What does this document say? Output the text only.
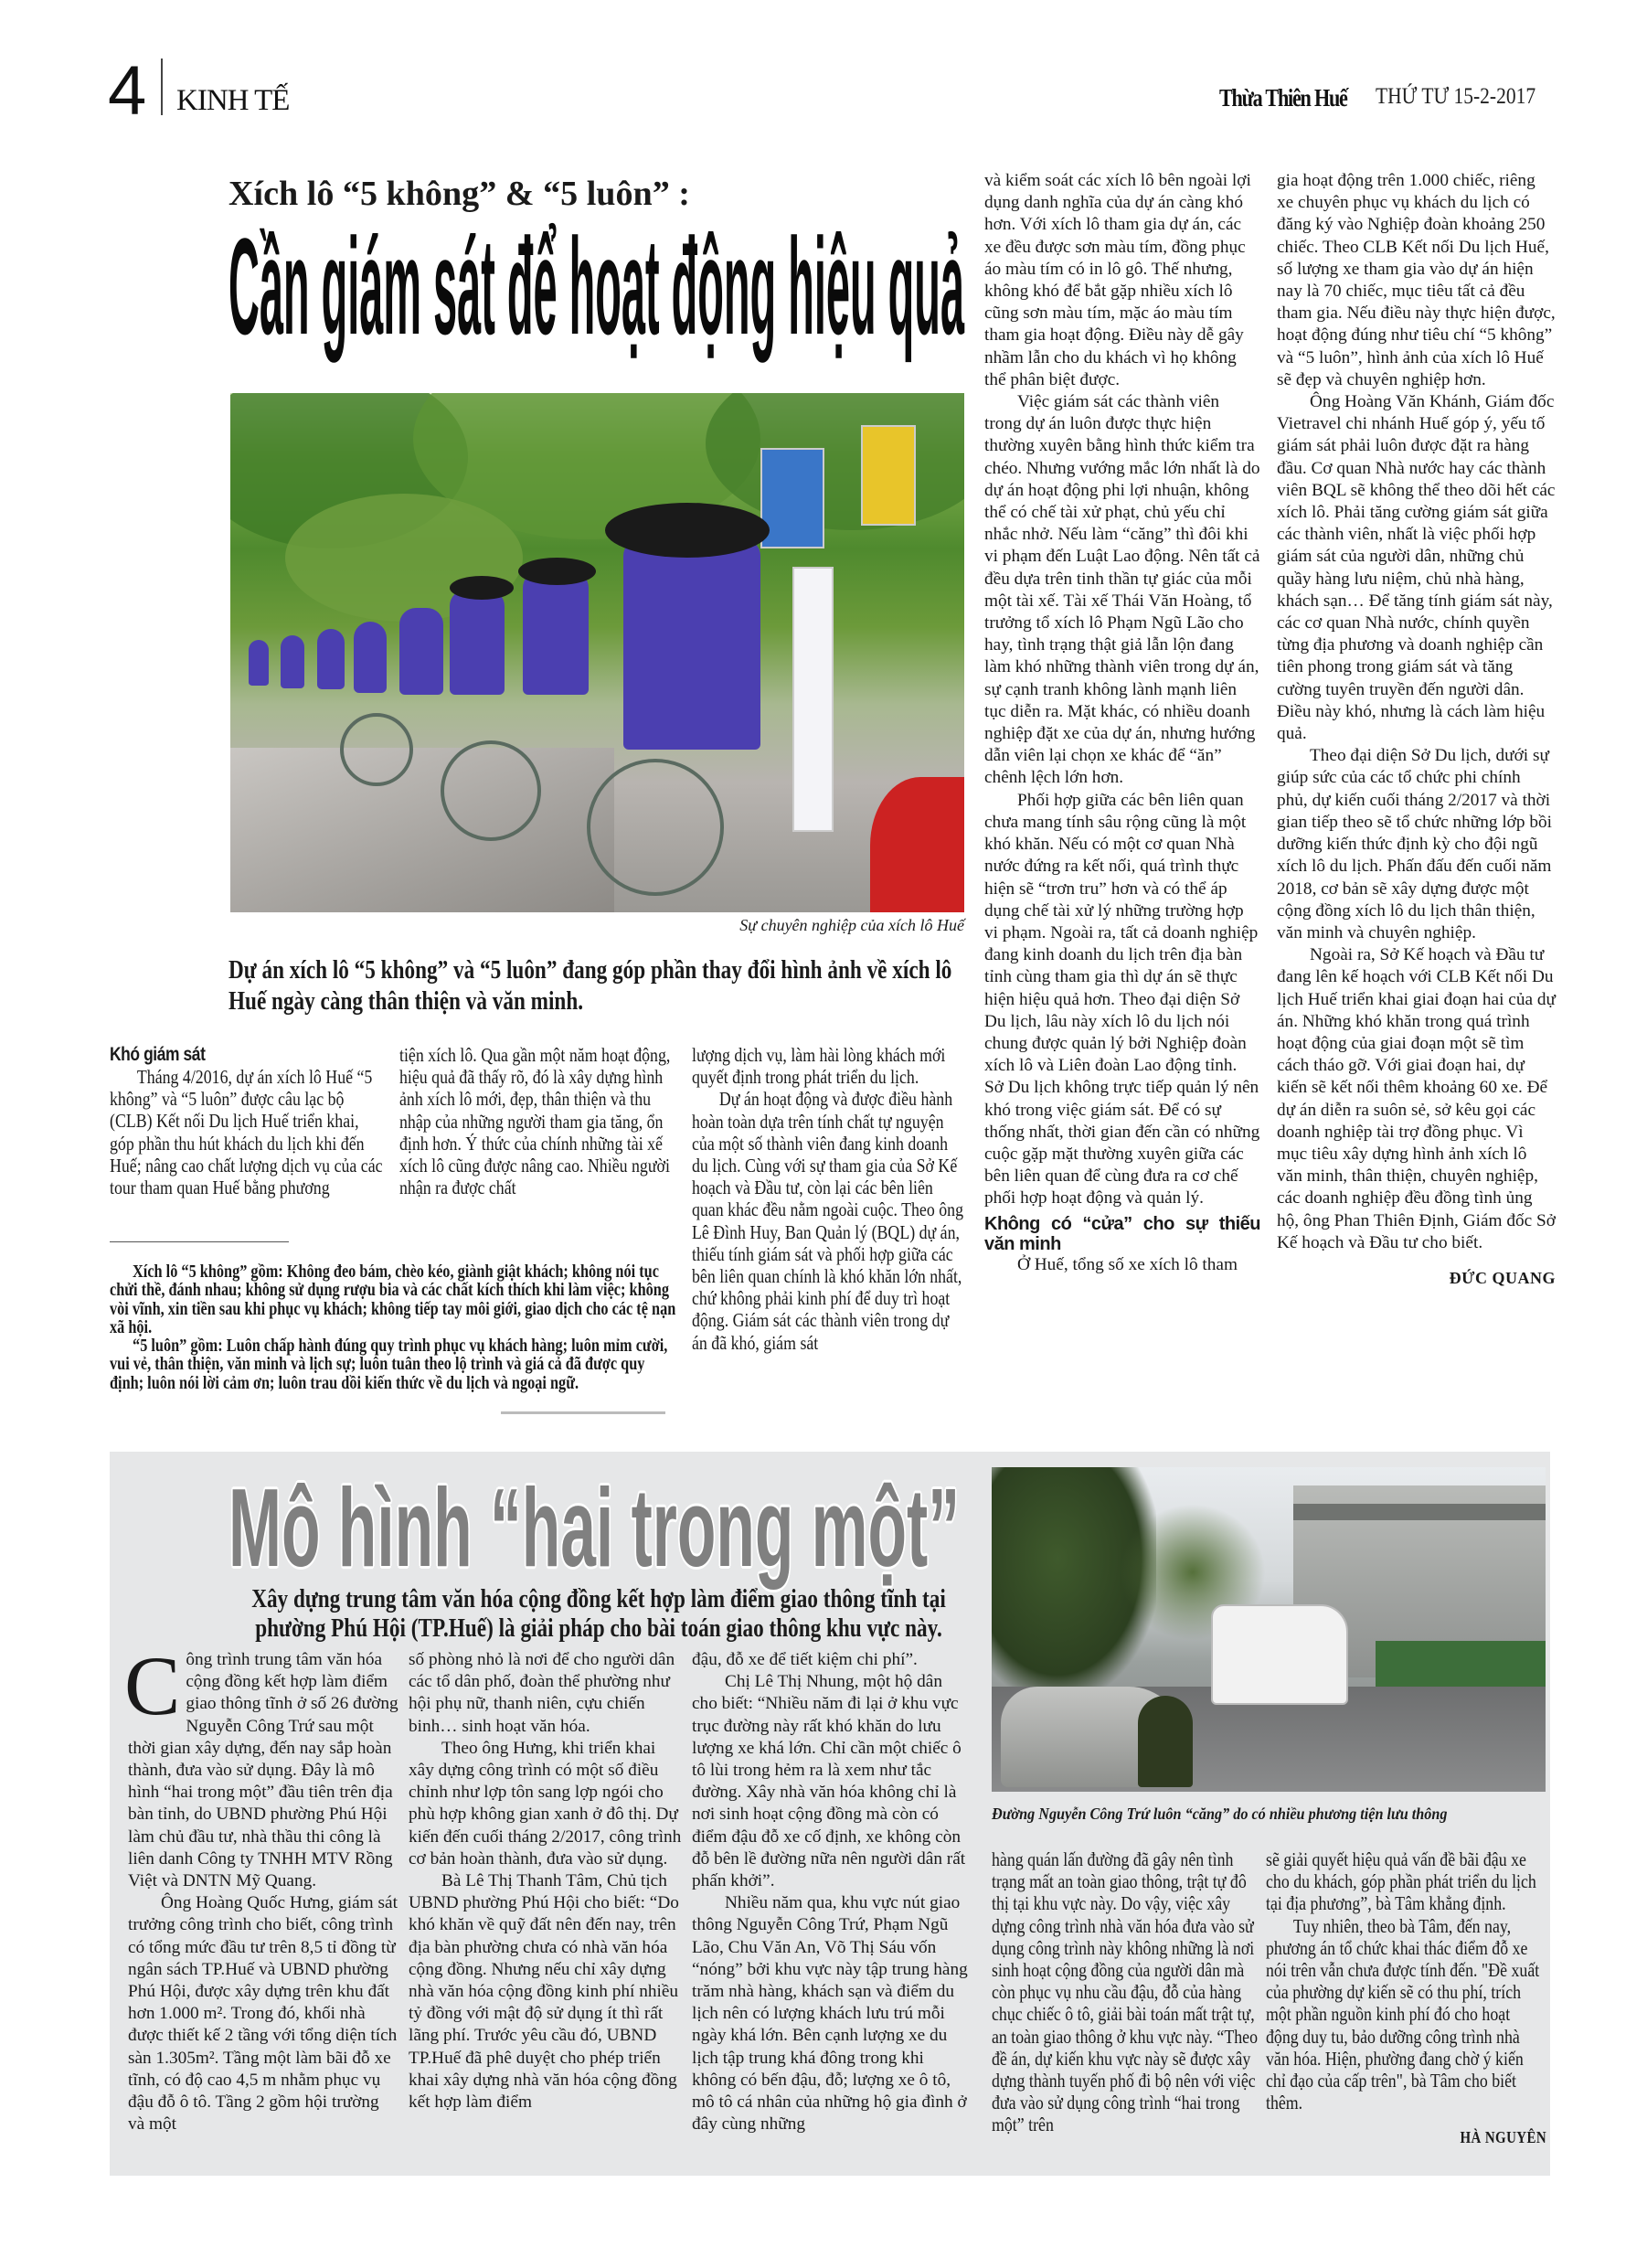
4 KINH TẾ	Thừa Thiên Huế THỨ TƯ 15-2-2017
Xích lô “5 không” & “5 luôn” :
Cần giám sát để hoạt động hiệu quả
Sự chuyên nghiệp của xích lô Huế
Dự án xích lô “5 không” và “5 luôn” đang góp phần thay đổi hình ảnh về xích lô Huế ngày càng thân thiện và văn minh.
Khó giám sát

Tháng 4/2016, dự án xích lô Huế “5 không” và “5 luôn” được câu lạc bộ (CLB) Kết nối Du lịch Huế triển khai, góp phần thu hút khách du lịch khi đến Huế; nâng cao chất lượng dịch vụ của các tour tham quan Huế bằng phương

tiện xích lô. Qua gần một năm hoạt động, hiệu quả đã thấy rõ, đó là xây dựng hình ảnh xích lô mới, đẹp, thân thiện và thu nhập của những người tham gia tăng, ổn định hơn. Ý thức của chính những tài xế xích lô cũng được nâng cao. Nhiều người nhận ra được chất

lượng dịch vụ, làm hài lòng khách mới quyết định trong phát triển du lịch.

Dự án hoạt động và được điều hành hoàn toàn dựa trên tính chất tự nguyện của một số thành viên đang kinh doanh du lịch. Cùng với sự tham gia của Sở Kế hoạch và Đầu tư, còn lại các bên liên quan khác đều nằm ngoài cuộc. Theo ông Lê Đình Huy, Ban Quản lý (BQL) dự án, thiếu tính giám sát và phối hợp giữa các bên liên quan chính là khó khăn lớn nhất, chứ không phải kinh phí để duy trì hoạt động. Giám sát các thành viên trong dự án đã khó, giám sát

và kiểm soát các xích lô bên ngoài lợi dụng danh nghĩa của dự án càng khó hơn. Với xích lô tham gia dự án, các xe đều được sơn màu tím, đồng phục áo màu tím có in lô gô. Thế nhưng, không khó để bắt gặp nhiều xích lô cũng sơn màu tím, mặc áo màu tím tham gia hoạt động. Điều này dễ gây nhầm lẫn cho du khách vì họ không thể phân biệt được.

Việc giám sát các thành viên trong dự án luôn được thực hiện thường xuyên bằng hình thức kiểm tra chéo. Nhưng vướng mắc lớn nhất là do dự án hoạt động phi lợi nhuận, không thể có chế tài xử phạt, chủ yếu chỉ nhắc nhở. Nếu làm “căng” thì đôi khi vi phạm đến Luật Lao động. Nên tất cả đều dựa trên tinh thần tự giác của mỗi một tài xế. Tài xế Thái Văn Hoàng, tổ trưởng tổ xích lô Phạm Ngũ Lão cho hay, tình trạng thật giả lẫn lộn đang làm khó những thành viên trong dự án, sự cạnh tranh không lành mạnh liên tục diễn ra. Mặt khác, có nhiều doanh nghiệp đặt xe của dự án, nhưng hướng dẫn viên lại chọn xe khác để “ăn” chênh lệch lớn hơn.

Phối hợp giữa các bên liên quan chưa mang tính sâu rộng cũng là một khó khăn. Nếu có một cơ quan Nhà nước đứng ra kết nối, quá trình thực hiện sẽ “trơn tru” hơn và có thể áp dụng chế tài xử lý những trường hợp vi phạm. Ngoài ra, tất cả doanh nghiệp đang kinh doanh du lịch trên địa bàn tỉnh cùng tham gia thì dự án sẽ thực hiện hiệu quả hơn. Theo đại diện Sở Du lịch, lâu này xích lô du lịch nói chung được quản lý bởi Nghiệp đoàn xích lô và Liên đoàn Lao động tỉnh. Sở Du lịch không trực tiếp quản lý nên khó trong việc giám sát. Để có sự thống nhất, thời gian đến cần có những cuộc gặp mặt thường xuyên giữa các bên liên quan để cùng đưa ra cơ chế phối hợp hoạt động và quản lý.

Không có “cửa” cho sự thiếu văn minh

Ở Huế, tổng số xe xích lô tham

gia hoạt động trên 1.000 chiếc, riêng xe chuyên phục vụ khách du lịch có đăng ký vào Nghiệp đoàn khoảng 250 chiếc. Theo CLB Kết nối Du lịch Huế, số lượng xe tham gia vào dự án hiện nay là 70 chiếc, mục tiêu tất cả đều tham gia. Nếu điều này thực hiện được, hoạt động đúng như tiêu chí “5 không” và “5 luôn”, hình ảnh của xích lô Huế sẽ đẹp và chuyên nghiệp hơn.

Ông Hoàng Văn Khánh, Giám đốc Vietravel chi nhánh Huế góp ý, yếu tố giám sát phải luôn được đặt ra hàng đầu. Cơ quan Nhà nước hay các thành viên BQL sẽ không thể theo dõi hết các xích lô. Phải tăng cường giám sát giữa các thành viên, nhất là việc phối hợp giám sát của người dân, những chủ quầy hàng lưu niệm, chủ nhà hàng, khách sạn… Để tăng tính giám sát này, các cơ quan Nhà nước, chính quyền từng địa phương và doanh nghiệp cần tiên phong trong giám sát và tăng cường tuyên truyền đến người dân. Điều này khó, nhưng là cách làm hiệu quả.

Theo đại diện Sở Du lịch, dưới sự giúp sức của các tổ chức phi chính phủ, dự kiến cuối tháng 2/2017 và thời gian tiếp theo sẽ tổ chức những lớp bồi dưỡng kiến thức định kỳ cho đội ngũ xích lô du lịch. Phấn đấu đến cuối năm 2018, cơ bản sẽ xây dựng được một cộng đồng xích lô du lịch thân thiện, văn minh và chuyên nghiệp.

Ngoài ra, Sở Kế hoạch và Đầu tư đang lên kế hoạch với CLB Kết nối Du lịch Huế triển khai giai đoạn hai của dự án. Những khó khăn trong quá trình hoạt động của giai đoạn một sẽ tìm cách tháo gỡ. Với giai đoạn hai, dự kiến sẽ kết nối thêm khoảng 60 xe. Để dự án diễn ra suôn sẻ, sở kêu gọi các doanh nghiệp tài trợ đồng phục. Vì mục tiêu xây dựng hình ảnh xích lô văn minh, thân thiện, chuyên nghiệp, các doanh nghiệp đều đồng tình ủng hộ, ông Phan Thiên Định, Giám đốc Sở Kế hoạch và Đầu tư cho biết.

ĐỨC QUANG

Xích lô “5 không” gồm: Không đeo bám, chèo kéo, giành giật khách; không nói tục chửi thề, đánh nhau; không sử dụng rượu bia và các chất kích thích khi làm việc; không vòi vĩnh, xin tiền sau khi phục vụ khách; không tiếp tay môi giới, giao dịch cho các tệ nạn xã hội.

“5 luôn” gồm: Luôn chấp hành đúng quy trình phục vụ khách hàng; luôn mỉm cười, vui vẻ, thân thiện, văn minh và lịch sự; luôn tuân theo lộ trình và giá cả đã được quy định; luôn nói lời cảm ơn; luôn trau dồi kiến thức về du lịch và ngoại ngữ.

Mô hình “hai trong một”
Xây dựng trung tâm văn hóa cộng đồng kết hợp làm điểm giao thông tĩnh tại phường Phú Hội (TP.Huế) là giải pháp cho bài toán giao thông khu vực này.
Đường Nguyễn Công Trứ luôn “căng” do có nhiều phương tiện lưu thông

Công trình trung tâm văn hóa cộng đồng kết hợp làm điểm giao thông tĩnh ở số 26 đường Nguyễn Công Trứ sau một thời gian xây dựng, đến nay sắp hoàn thành, đưa vào sử dụng. Đây là mô hình “hai trong một” đầu tiên trên địa bàn tỉnh, do UBND phường Phú Hội làm chủ đầu tư, nhà thầu thi công là liên danh Công ty TNHH MTV Rồng Việt và DNTN Mỹ Quang.

Ông Hoàng Quốc Hưng, giám sát trưởng công trình cho biết, công trình có tổng mức đầu tư trên 8,5 tỉ đồng từ ngân sách TP.Huế và UBND phường Phú Hội, được xây dựng trên khu đất hơn 1.000 m². Trong đó, khối nhà được thiết kế 2 tầng với tổng diện tích sàn 1.305m². Tầng một làm bãi đỗ xe tĩnh, có độ cao 4,5 m nhằm phục vụ đậu đỗ ô tô. Tầng 2 gồm hội trường và một

số phòng nhỏ là nơi để cho người dân các tổ dân phố, đoàn thể phường như hội phụ nữ, thanh niên, cựu chiến binh… sinh hoạt văn hóa.

Theo ông Hưng, khi triển khai xây dựng công trình có một số điều chỉnh như lợp tôn sang lợp ngói cho phù hợp không gian xanh ở đô thị. Dự kiến đến cuối tháng 2/2017, công trình cơ bản hoàn thành, đưa vào sử dụng.

Bà Lê Thị Thanh Tâm, Chủ tịch UBND phường Phú Hội cho biết: “Do khó khăn về quỹ đất nên đến nay, trên địa bàn phường chưa có nhà văn hóa cộng đồng. Nhưng nếu chỉ xây dựng nhà văn hóa cộng đồng kinh phí nhiều tỷ đồng với mật độ sử dụng ít thì rất lãng phí. Trước yêu cầu đó, UBND TP.Huế đã phê duyệt cho phép triển khai xây dựng nhà văn hóa cộng đồng kết hợp làm điểm

đậu, đỗ xe để tiết kiệm chi phí”.

Chị Lê Thị Nhung, một hộ dân cho biết: “Nhiều năm đi lại ở khu vực trục đường này rất khó khăn do lưu lượng xe khá lớn. Chỉ cần một chiếc ô tô lùi trong hẻm ra là xem như tắc đường. Xây nhà văn hóa không chỉ là nơi sinh hoạt cộng đồng mà còn có điểm đậu đỗ xe cố định, xe không còn đỗ bên lề đường nữa nên người dân rất phấn khởi”.

Nhiều năm qua, khu vực nút giao thông Nguyễn Công Trứ, Phạm Ngũ Lão, Chu Văn An, Võ Thị Sáu vốn “nóng” bởi khu vực này tập trung hàng trăm nhà hàng, khách sạn và điểm du lịch nên có lượng khách lưu trú mỗi ngày khá lớn. Bên cạnh lượng xe du lịch tập trung khá đông trong khi không có bến đậu, đỗ; lượng xe ô tô, mô tô cá nhân của những hộ gia đình ở đây cùng những

hàng quán lấn đường đã gây nên tình trạng mất an toàn giao thông, trật tự đô thị tại khu vực này. Do vậy, việc xây dựng công trình nhà văn hóa đưa vào sử dụng công trình này không những là nơi sinh hoạt cộng đồng của người dân mà còn phục vụ nhu cầu đậu, đỗ của hàng chục chiếc ô tô, giải bài toán mất trật tự, an toàn giao thông ở khu vực này. “Theo đề án, dự kiến khu vực này sẽ được xây dựng thành tuyến phố đi bộ nên với việc đưa vào sử dụng công trình “hai trong một” trên

sẽ giải quyết hiệu quả vấn đề bãi đậu xe cho du khách, góp phần phát triển du lịch tại địa phương”, bà Tâm khẳng định.

Tuy nhiên, theo bà Tâm, đến nay, phương án tổ chức khai thác điểm đỗ xe nói trên vẫn chưa được tính đến. "Đề xuất của phường dự kiến sẽ có thu phí, trích một phần nguồn kinh phí đó cho hoạt động duy tu, bảo dưỡng công trình nhà văn hóa. Hiện, phường đang chờ ý kiến chỉ đạo của cấp trên", bà Tâm cho biết thêm.

HÀ NGUYÊN
